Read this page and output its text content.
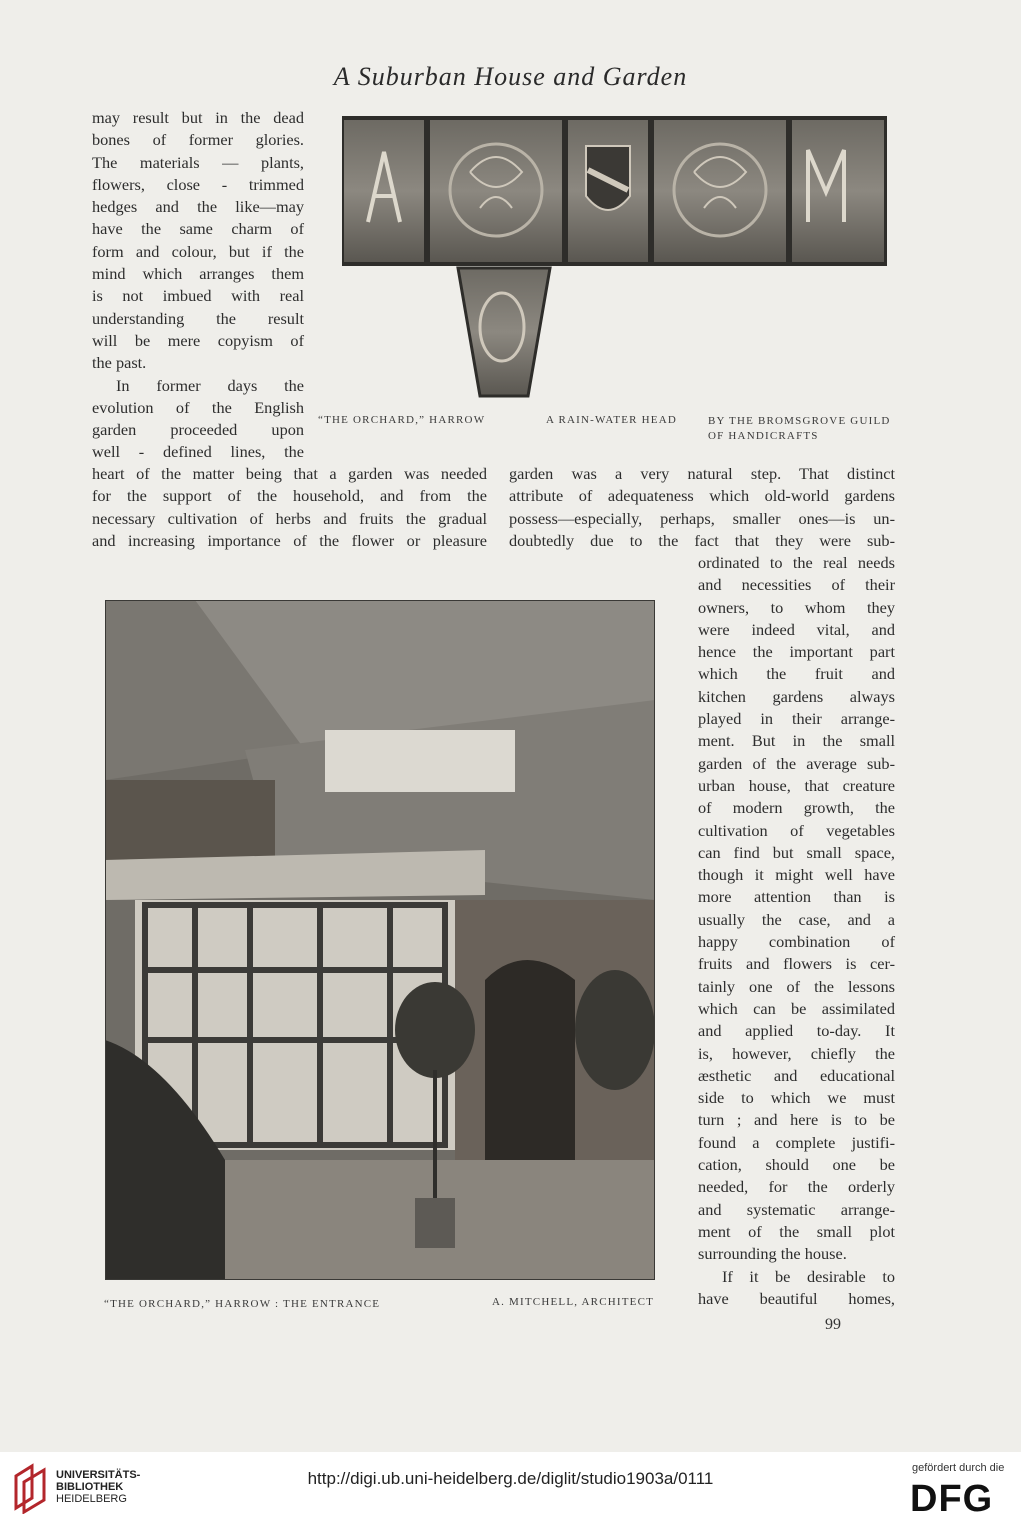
A Suburban House and Garden
may result but in the dead
bones of former glories.
The materials — plants,
flowers, close - trimmed
hedges and the like—may
have the same charm of
form and colour, but if the
mind which arranges them
is not imbued with real
understanding the result
will be mere copyism of
the past.
In former days the
evolution of the English
garden proceeded upon
well - defined lines, the
“THE ORCHARD,” HARROW	A RAIN-WATER HEAD	BY THE BROMSGROVE GUILD
OF HANDICRAFTS
heart of the matter being that a garden was needed
for the support of the household, and from the
necessary cultivation of herbs and fruits the gradual
and increasing importance of the flower or pleasure
garden was a very natural step. That distinct
attribute of adequateness which old-world gardens
possess—especially, perhaps, smaller ones—is un-
doubtedly due to the fact that they were sub-
ordinated to the real needs
and necessities of their
owners, to whom they
were indeed vital, and
hence the important part
which the fruit and
kitchen gardens always
played in their arrange-
ment. But in the small
garden of the average sub-
urban house, that creature
of modern growth, the
cultivation of vegetables
can find but small space,
though it might well have
more attention than is
usually the case, and a
happy combination of
fruits and flowers is cer-
tainly one of the lessons
which can be assimilated
and applied to-day. It
is, however, chiefly the
æsthetic and educational
side to which we must
turn ; and here is to be
found a complete justifi-
cation, should one be
needed, for the orderly
and systematic arrange-
ment of the small plot
surrounding the house.
If it be desirable to
have beautiful homes,
“THE ORCHARD,” HARROW : THE ENTRANCE	A. MITCHELL, ARCHITECT
99
UNIVERSITÄTS-
BIBLIOTHEK
HEIDELBERG
http://digi.ub.uni-heidelberg.de/diglit/studio1903a/0111
gefördert durch die
DFG
